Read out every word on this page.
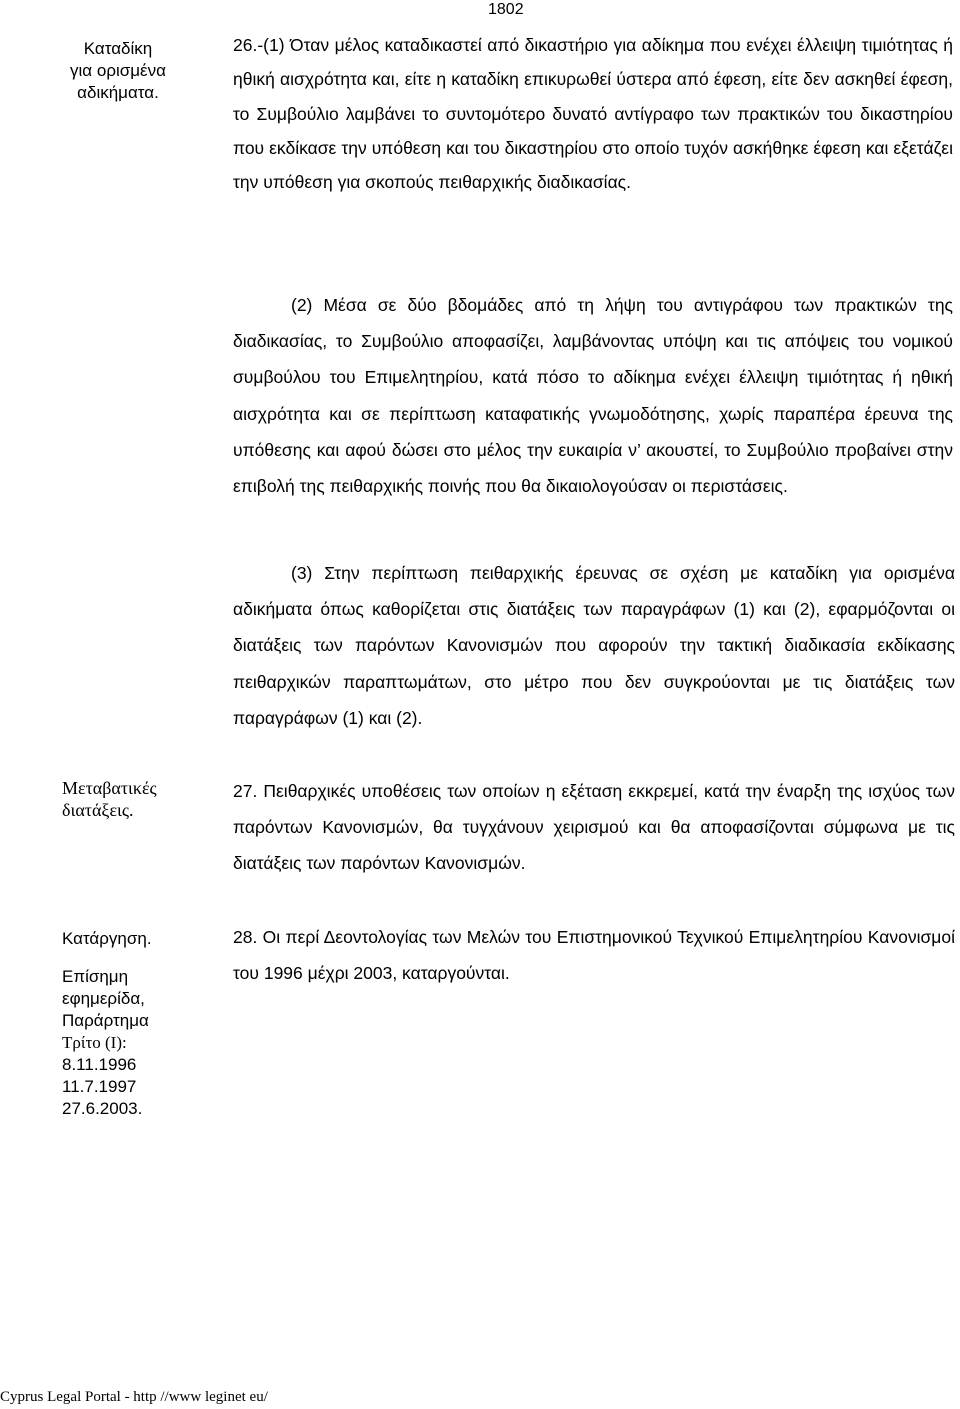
1802
Καταδίκη
για ορισμένα
αδικήματα.
26.-(1) Όταν μέλος καταδικαστεί από δικαστήριο για αδίκημα που ενέχει έλλειψη τιμιότητας ή ηθική αισχρότητα και, είτε η καταδίκη επικυρωθεί ύστερα από έφεση, είτε δεν ασκηθεί έφεση, το Συμβούλιο λαμβάνει το συντομότερο δυνατό αντίγραφο των πρακτικών του δικαστηρίου που εκδίκασε την υπόθεση και του δικαστηρίου στο οποίο τυχόν ασκήθηκε έφεση και εξετάζει την υπόθεση για σκοπούς πειθαρχικής διαδικασίας.
(2) Μέσα σε δύο βδομάδες από τη λήψη του αντιγράφου των πρακτικών της διαδικασίας, το Συμβούλιο αποφασίζει, λαμβάνοντας υπόψη και τις απόψεις του νομικού συμβούλου του Επιμελητηρίου, κατά πόσο το αδίκημα ενέχει έλλειψη τιμιότητας ή ηθική αισχρότητα και σε περίπτωση καταφατικής γνωμοδότησης, χωρίς παραπέρα έρευνα της υπόθεσης και αφού δώσει στο μέλος την ευκαιρία ν’ ακουστεί, το Συμβούλιο προβαίνει στην επιβολή της πειθαρχικής ποινής που θα δικαιολογούσαν οι περιστάσεις.
(3) Στην περίπτωση πειθαρχικής έρευνας σε σχέση με καταδίκη για ορισμένα αδικήματα όπως καθορίζεται στις διατάξεις των παραγράφων (1) και (2), εφαρμόζονται οι διατάξεις των παρόντων Κανονισμών που αφορούν την τακτική διαδικασία εκδίκασης πειθαρχικών παραπτωμάτων, στο μέτρο που δεν συγκρούονται με τις διατάξεις των παραγράφων (1) και (2).
Μεταβατικές
διατάξεις.
27. Πειθαρχικές υποθέσεις των οποίων η εξέταση εκκρεμεί, κατά την έναρξη της ισχύος των παρόντων Κανονισμών, θα τυγχάνουν χειρισμού και θα αποφασίζονται σύμφωνα με τις διατάξεις των παρόντων Κανονισμών.
Κατάργηση.
Επίσημη
εφημερίδα,
Παράρτημα
Τρίτο (Ι):
8.11.1996
11.7.1997
27.6.2003.
28. Οι περί Δεοντολογίας των Μελών του Επιστημονικού Τεχνικού Επιμελητηρίου Κανονισμοί του 1996 μέχρι 2003, καταργούνται.
Cyprus Legal Portal - http //www leginet eu/
